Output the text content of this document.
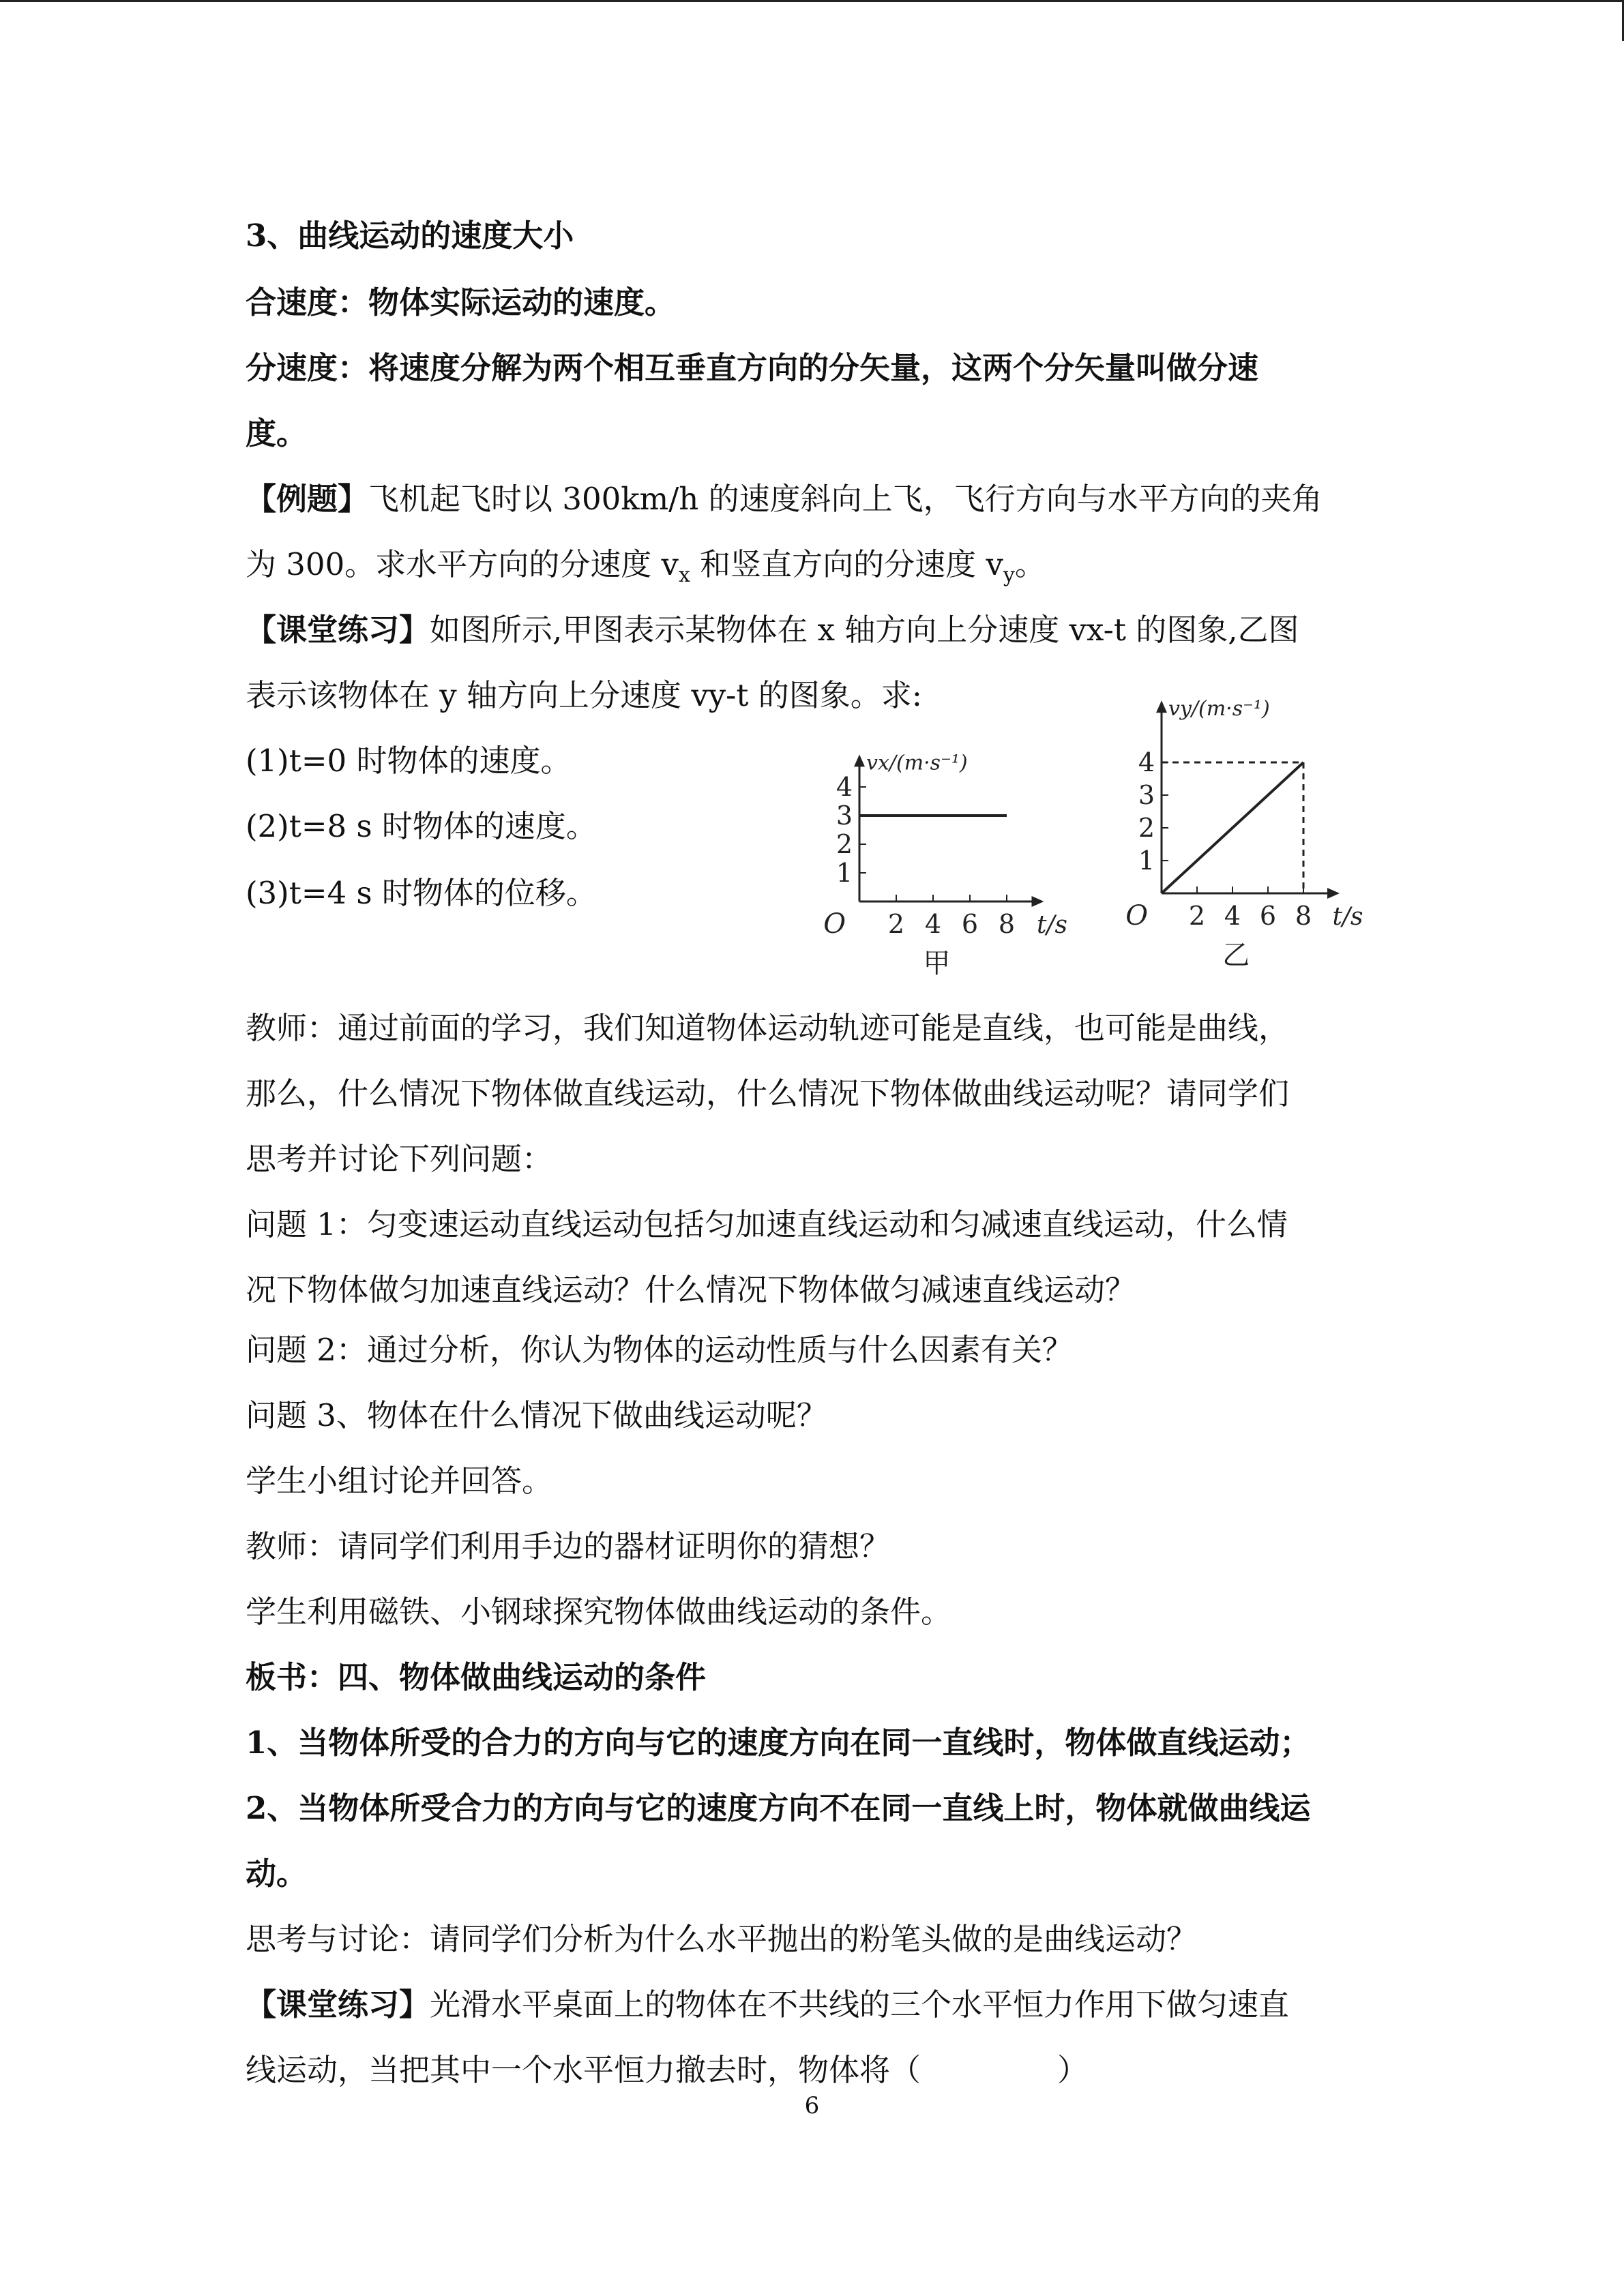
3、曲线运动的速度大小
合速度：物体实际运动的速度。
分速度：将速度分解为两个相互垂直方向的分矢量，这两个分矢量叫做分速
度。
【例题】飞机起飞时以 300km/h 的速度斜向上飞，飞行方向与水平方向的夹角
为 300。求水平方向的分速度 $v_x$ 和竖直方向的分速度 $v_y$。
【课堂练习】如图所示,甲图表示某物体在 x 轴方向上分速度 vx-t 的图象,乙图
表示该物体在 y 轴方向上分速度 vy-t 的图象。求:
(1)t=0 时物体的速度。
(2)t=8 s 时物体的速度。
(3)t=4 s 时物体的位移。
2 4 6 8
1
2
3
4
O	t/s
vx/(m·s⁻¹)
甲
2 4 6 8
1
2
3
4
O	t/s
vy/(m·s⁻¹)
乙
教师：通过前面的学习，我们知道物体运动轨迹可能是直线，也可能是曲线，
那么，什么情况下物体做直线运动，什么情况下物体做曲线运动呢？请同学们
思考并讨论下列问题：
问题 1：匀变速运动直线运动包括匀加速直线运动和匀减速直线运动，什么情
况下物体做匀加速直线运动？什么情况下物体做匀减速直线运动？
问题 2：通过分析，你认为物体的运动性质与什么因素有关？
问题 3、物体在什么情况下做曲线运动呢？
学生小组讨论并回答。
教师：请同学们利用手边的器材证明你的猜想？
学生利用磁铁、小钢球探究物体做曲线运动的条件。
板书：四、物体做曲线运动的条件
1、当物体所受的合力的方向与它的速度方向在同一直线时，物体做直线运动；
2、当物体所受合力的方向与它的速度方向不在同一直线上时，物体就做曲线运
动。
思考与讨论：请同学们分析为什么水平抛出的粉笔头做的是曲线运动？
【课堂练习】光滑水平桌面上的物体在不共线的三个水平恒力作用下做匀速直
线运动，当把其中一个水平恒力撤去时，物体将（	）
6
